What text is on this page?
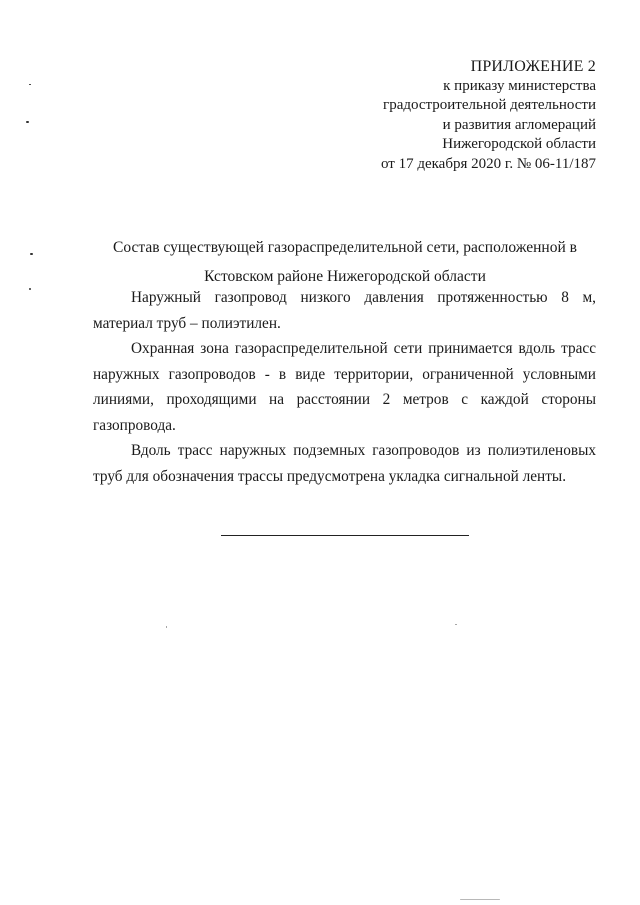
ПРИЛОЖЕНИЕ 2
к приказу министерства
градостроительной деятельности
и развития агломераций
Нижегородской области
от 17 декабря 2020 г. № 06-11/187
Состав существующей газораспределительной сети, расположенной в
Кстовском районе Нижегородской области

Наружный газопровод низкого давления протяженностью 8 м, материал труб – полиэтилен.

Охранная зона газораспределительной сети принимается вдоль трасс наружных газопроводов - в виде территории, ограниченной условными линиями, проходящими на расстоянии 2 метров с каждой стороны газопровода.

Вдоль трасс наружных подземных газопроводов из полиэтиленовых труб для обозначения трассы предусмотрена укладка сигнальной ленты.
